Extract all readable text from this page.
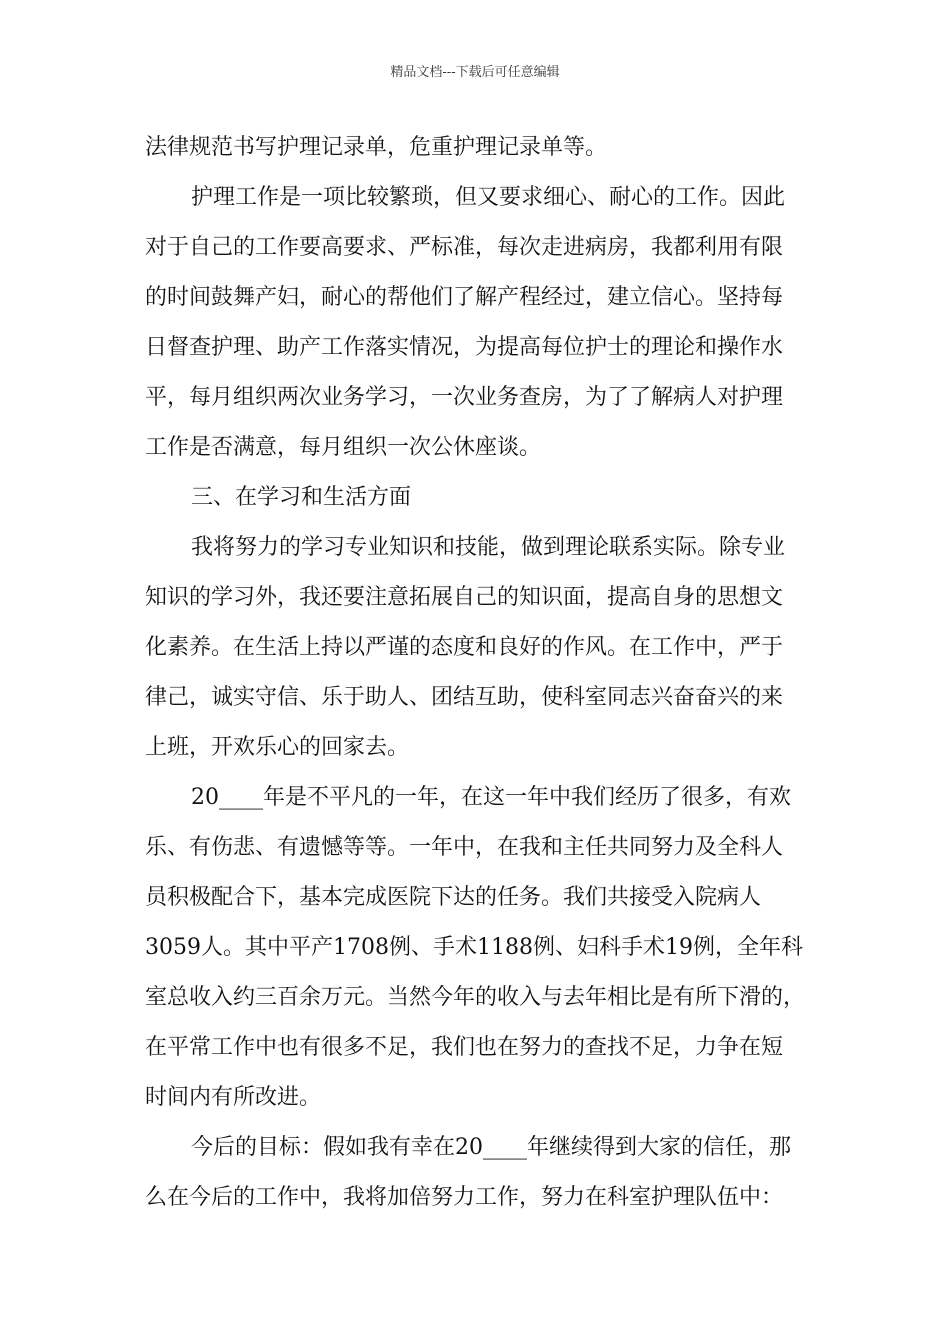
精品文档---下载后可任意编辑
法律规范书写护理记录单，危重护理记录单等。
护理工作是一项比较繁琐，但又要求细心、耐心的工作。因此
对于自己的工作要高要求、严标准，每次走进病房，我都利用有限
的时间鼓舞产妇，耐心的帮他们了解产程经过，建立信心。坚持每
日督查护理、助产工作落实情况，为提高每位护士的理论和操作水
平，每月组织两次业务学习，一次业务查房，为了了解病人对护理
工作是否满意，每月组织一次公休座谈。
三、在学习和生活方面
我将努力的学习专业知识和技能，做到理论联系实际。除专业
知识的学习外，我还要注意拓展自己的知识面，提高自身的思想文
化素养。在生活上持以严谨的态度和良好的作风。在工作中，严于
律己，诚实守信、乐于助人、团结互助，使科室同志兴奋奋兴的来
上班，开欢乐心的回家去。
20____年是不平凡的一年，在这一年中我们经历了很多，有欢
乐、有伤悲、有遗憾等等。一年中，在我和主任共同努力及全科人
员积极配合下，基本完成医院下达的任务。我们共接受入院病人
3059人。其中平产1708例、手术1188例、妇科手术19例，全年科
室总收入约三百余万元。当然今年的收入与去年相比是有所下滑的，
在平常工作中也有很多不足，我们也在努力的查找不足，力争在短
时间内有所改进。
今后的目标：假如我有幸在20____年继续得到大家的信任，那
么在今后的工作中，我将加倍努力工作，努力在科室护理队伍中：
